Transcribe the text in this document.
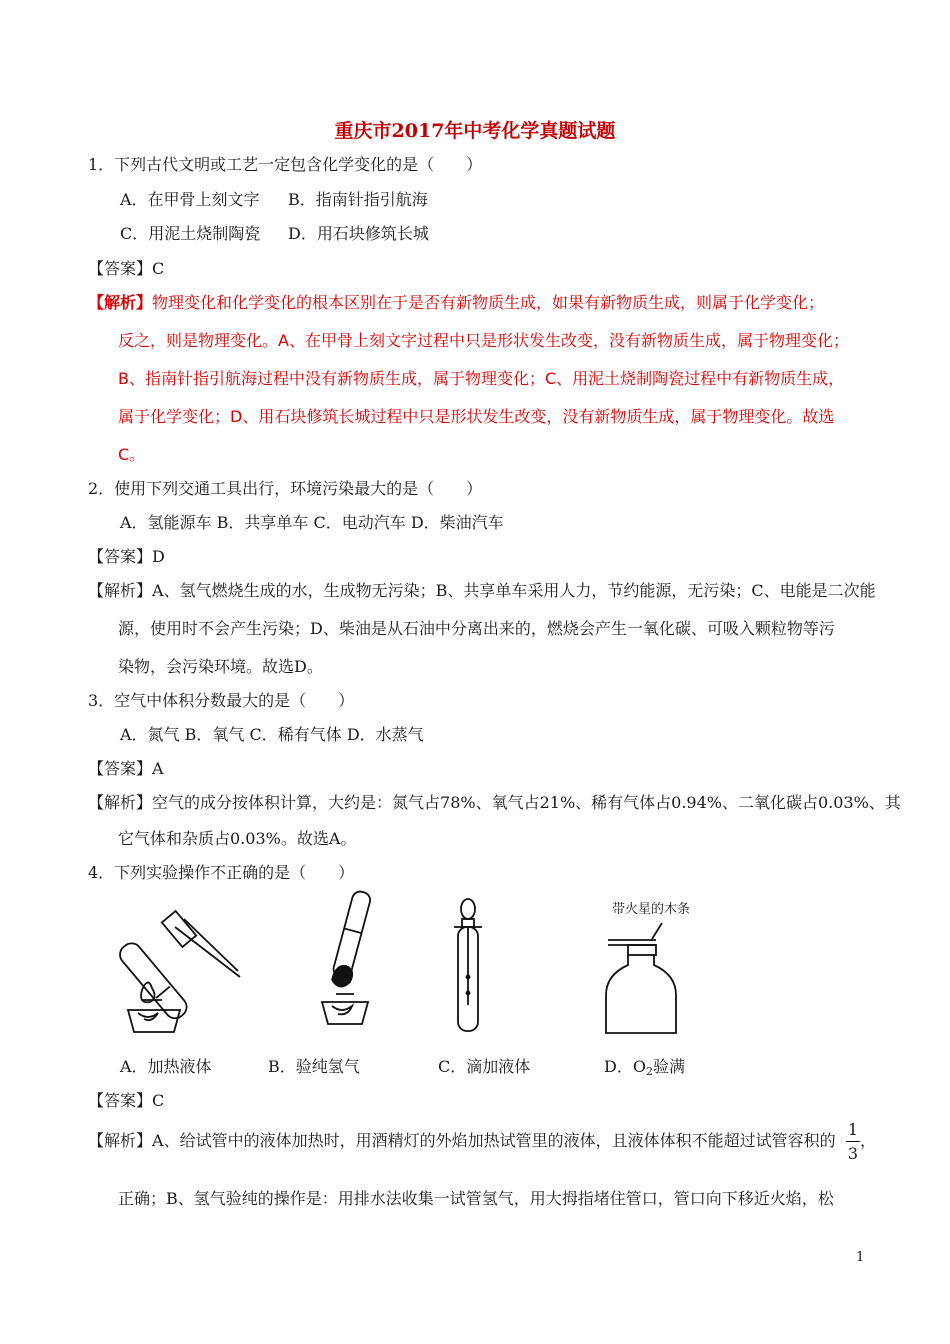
重庆市2017年中考化学真题试题
1．下列古代文明或工艺一定包含化学变化的是（　　）
A．在甲骨上刻文字 B．指南针指引航海
C．用泥土烧制陶瓷 D．用石块修筑长城
【答案】C
【解析】物理变化和化学变化的根本区别在于是否有新物质生成，如果有新物质生成，则属于化学变化；
反之，则是物理变化。A、在甲骨上刻文字过程中只是形状发生改变，没有新物质生成，属于物理变化；
B、指南针指引航海过程中没有新物质生成，属于物理变化；C、用泥土烧制陶瓷过程中有新物质生成，
属于化学变化；D、用石块修筑长城过程中只是形状发生改变，没有新物质生成，属于物理变化。故选
C。
2．使用下列交通工具出行，环境污染最大的是（　　）
A．氢能源车 B．共享单车 C．电动汽车 D．柴油汽车
【答案】D
【解析】A、氢气燃烧生成的水，生成物无污染；B、共享单车采用人力，节约能源，无污染；C、电能是二次能
源，使用时不会产生污染；D、柴油是从石油中分离出来的，燃烧会产生一氧化碳、可吸入颗粒物等污
染物，会污染环境。故选D。
3．空气中体积分数最大的是（　　）
A．氮气 B．氧气 C．稀有气体 D．水蒸气
【答案】A
【解析】空气的成分按体积计算，大约是：氮气占78%、氧气占21%、稀有气体占0.94%、二氧化碳占0.03%、其
它气体和杂质占0.03%。故选A。
4．下列实验操作不正确的是（　　）
带火星的木条
A．加热液体	B．验纯氢气	C．滴加液体	D．$O_2$验满
【答案】C
【解析】A、给试管中的液体加热时，用酒精灯的外焰加热试管里的液体，且液体体积不能超过试管容积的
1
3
，
正确；B、氢气验纯的操作是：用排水法收集一试管氢气，用大拇指堵住管口，管口向下移近火焰，松
1
